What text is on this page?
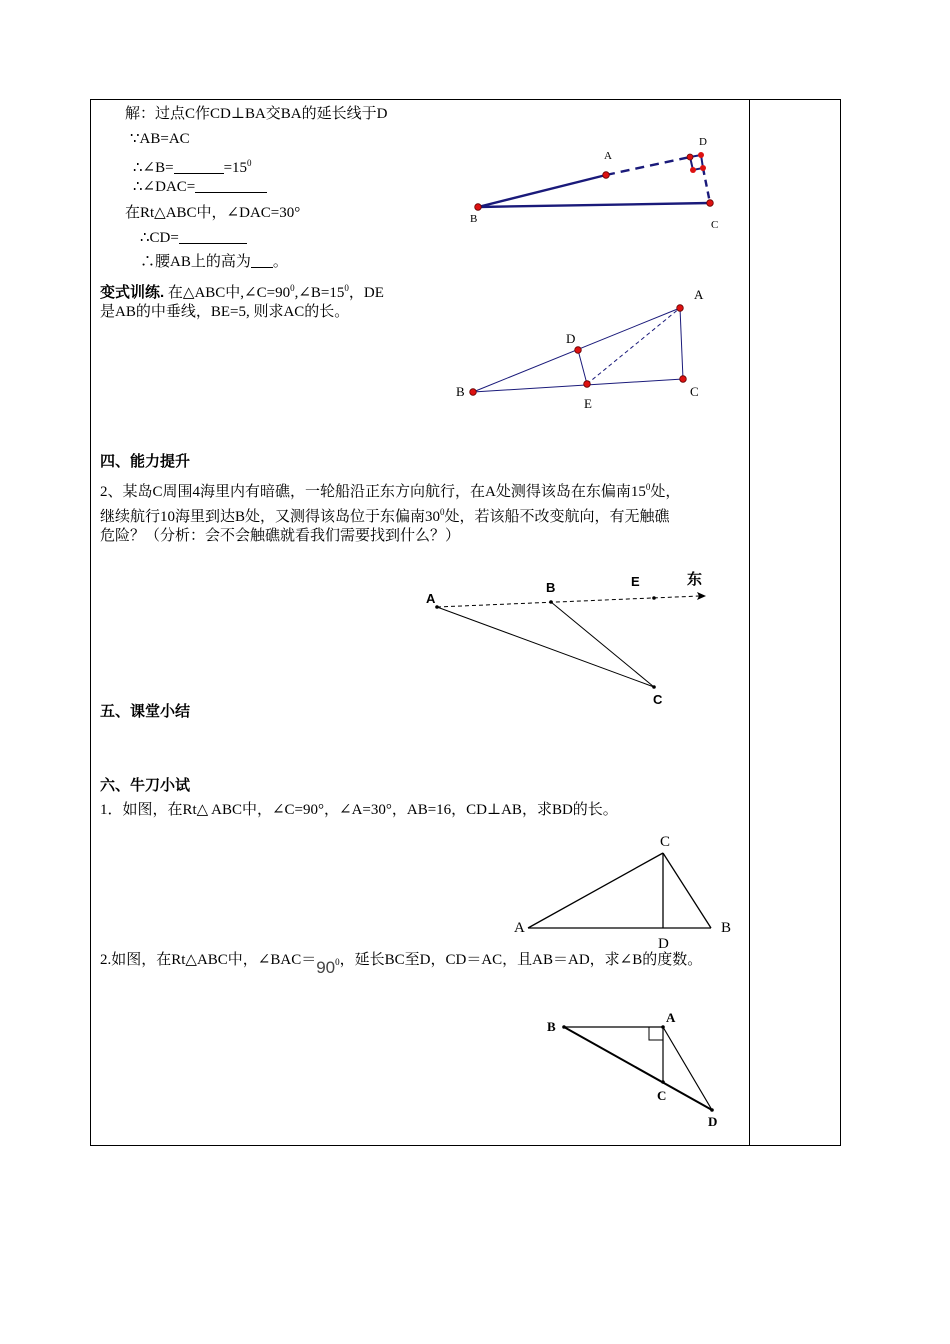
解：过点C作CD⊥BA交BA的延长线于D
∵AB=AC
∴∠B=	$=15^0$
∴∠DAC=
在Rt△ABC中，∠DAC=30°
∴CD=
∴腰AB上的高为 。
变式训练. 在△ABC中$,\angle C=90^0,\angle B=15^0$，DE
是AB的中垂线，BE=5, 则求AC的长。
四、能力提升
2、某岛C周围4海里内有暗礁，一轮船沿正东方向航行，在A处测得该岛在东偏南$15^0$处，
继续航行10海里到达B处，又测得该岛位于东偏南$30^0$处，若该船不改变航向，有无触礁
危险？（分析：会不会触礁就看我们需要找到什么？）
五、课堂小结
六、牛刀小试
1．如图，在Rt△ ABC中，∠C=90°，∠A=30°，AB=16，CD⊥AB，求BD的长。
2.如图，在Rt△ABC中，∠BAC＝900，延长BC至D，CD＝AC，且AB＝AD，求∠B的度数。
A
B	C
D
A
B	C
D
E
A
B	E	东
C
A	B
C
D
A
B
C
D
